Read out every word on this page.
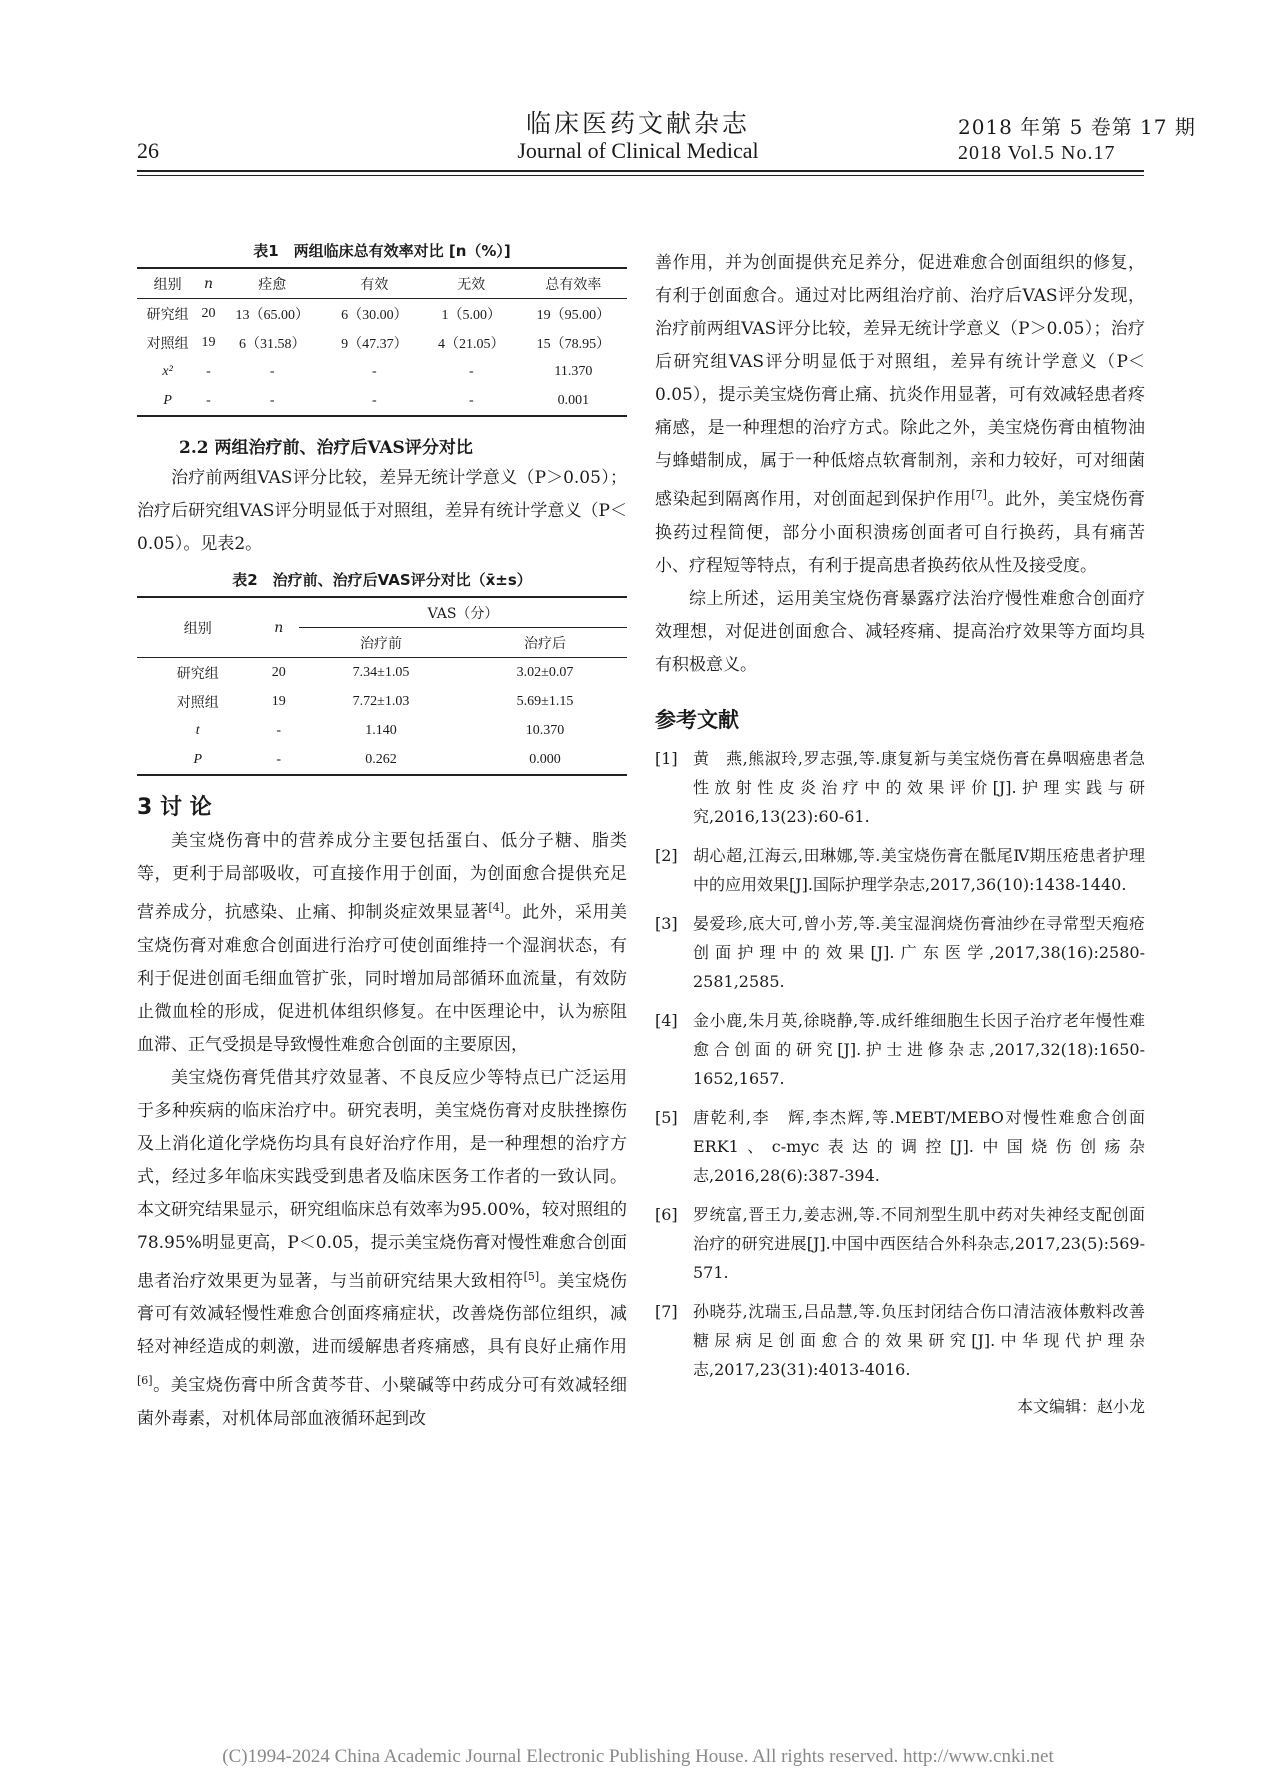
26
临床医药文献杂志
Journal of Clinical Medical
2018 年第 5 卷第 17 期
2018 Vol.5 No.17
表1　两组临床总有效率对比 [n（%）]
组别	n	痊愈	有效	无效	总有效率
研究组	20	13（65.00）	6（30.00）	1（5.00）	19（95.00）
对照组	19	6（31.58）	9（47.37）	4（21.05）	15（78.95）
x²	-	-	-	-	11.370
P	-	-	-	-	0.001
2.2 两组治疗前、治疗后VAS评分对比

治疗前两组VAS评分比较，差异无统计学意义（P＞0.05）；治疗后研究组VAS评分明显低于对照组，差异有统计学意义（P＜0.05）。见表2。

表2　治疗前、治疗后VAS评分对比（x̄±s）
组别	n	VAS（分）	
		治疗前	治疗后
研究组	20	7.34±1.05	3.02±0.07
对照组	19	7.72±1.03	5.69±1.15
t	-	1.140	10.370
P	-	0.262	0.000
3 讨 论

美宝烧伤膏中的营养成分主要包括蛋白、低分子糖、脂类等，更利于局部吸收，可直接作用于创面，为创面愈合提供充足营养成分，抗感染、止痛、抑制炎症效果显著[4]。此外，采用美宝烧伤膏对难愈合创面进行治疗可使创面维持一个湿润状态，有利于促进创面毛细血管扩张，同时增加局部循环血流量，有效防止微血栓的形成，促进机体组织修复。在中医理论中，认为瘀阻血滞、正气受损是导致慢性难愈合创面的主要原因，

美宝烧伤膏凭借其疗效显著、不良反应少等特点已广泛运用于多种疾病的临床治疗中。研究表明，美宝烧伤膏对皮肤挫擦伤及上消化道化学烧伤均具有良好治疗作用，是一种理想的治疗方式，经过多年临床实践受到患者及临床医务工作者的一致认同。本文研究结果显示，研究组临床总有效率为95.00%，较对照组的78.95%明显更高，P＜0.05，提示美宝烧伤膏对慢性难愈合创面患者治疗效果更为显著，与当前研究结果大致相符[5]。美宝烧伤膏可有效减轻慢性难愈合创面疼痛症状，改善烧伤部位组织，减轻对神经造成的刺激，进而缓解患者疼痛感，具有良好止痛作用[6]。美宝烧伤膏中所含黄芩苷、小檗碱等中药成分可有效减轻细菌外毒素，对机体局部血液循环起到改

善作用，并为创面提供充足养分，促进难愈合创面组织的修复，有利于创面愈合。通过对比两组治疗前、治疗后VAS评分发现，治疗前两组VAS评分比较，差异无统计学意义（P＞0.05）；治疗后研究组VAS评分明显低于对照组，差异有统计学意义（P＜0.05），提示美宝烧伤膏止痛、抗炎作用显著，可有效减轻患者疼痛感，是一种理想的治疗方式。除此之外，美宝烧伤膏由植物油与蜂蜡制成，属于一种低熔点软膏制剂，亲和力较好，可对细菌感染起到隔离作用，对创面起到保护作用[7]。此外，美宝烧伤膏换药过程简便，部分小面积溃疡创面者可自行换药，具有痛苦小、疗程短等特点，有利于提高患者换药依从性及接受度。

综上所述，运用美宝烧伤膏暴露疗法治疗慢性难愈合创面疗效理想，对促进创面愈合、减轻疼痛、提高治疗效果等方面均具有积极意义。

参考文献
[1] 黄　燕,熊淑玲,罗志强,等.康复新与美宝烧伤膏在鼻咽癌患者急性放射性皮炎治疗中的效果评价[J].护理实践与研究,2016,13(23):60-61.
[2] 胡心超,江海云,田琳娜,等.美宝烧伤膏在骶尾Ⅳ期压疮患者护理中的应用效果[J].国际护理学杂志,2017,36(10):1438-1440.
[3] 晏爱珍,底大可,曾小芳,等.美宝湿润烧伤膏油纱在寻常型天疱疮创面护理中的效果[J].广东医学,2017,38(16):2580-2581,2585.
[4] 金小鹿,朱月英,徐晓静,等.成纤维细胞生长因子治疗老年慢性难愈合创面的研究[J].护士进修杂志,2017,32(18):1650-1652,1657.
[5] 唐乾利,李　辉,李杰辉,等.MEBT/MEBO对慢性难愈合创面ERK1、c-myc表达的调控[J].中国烧伤创疡杂志,2016,28(6):387-394.
[6] 罗统富,晋王力,姜志洲,等.不同剂型生肌中药对失神经支配创面治疗的研究进展[J].中国中西医结合外科杂志,2017,23(5):569-571.
[7] 孙晓芬,沈瑞玉,吕品慧,等.负压封闭结合伤口清洁液体敷料改善糖尿病足创面愈合的效果研究[J].中华现代护理杂志,2017,23(31):4013-4016.
本文编辑：赵小龙
(C)1994-2024 China Academic Journal Electronic Publishing House. All rights reserved. http://www.cnki.net
